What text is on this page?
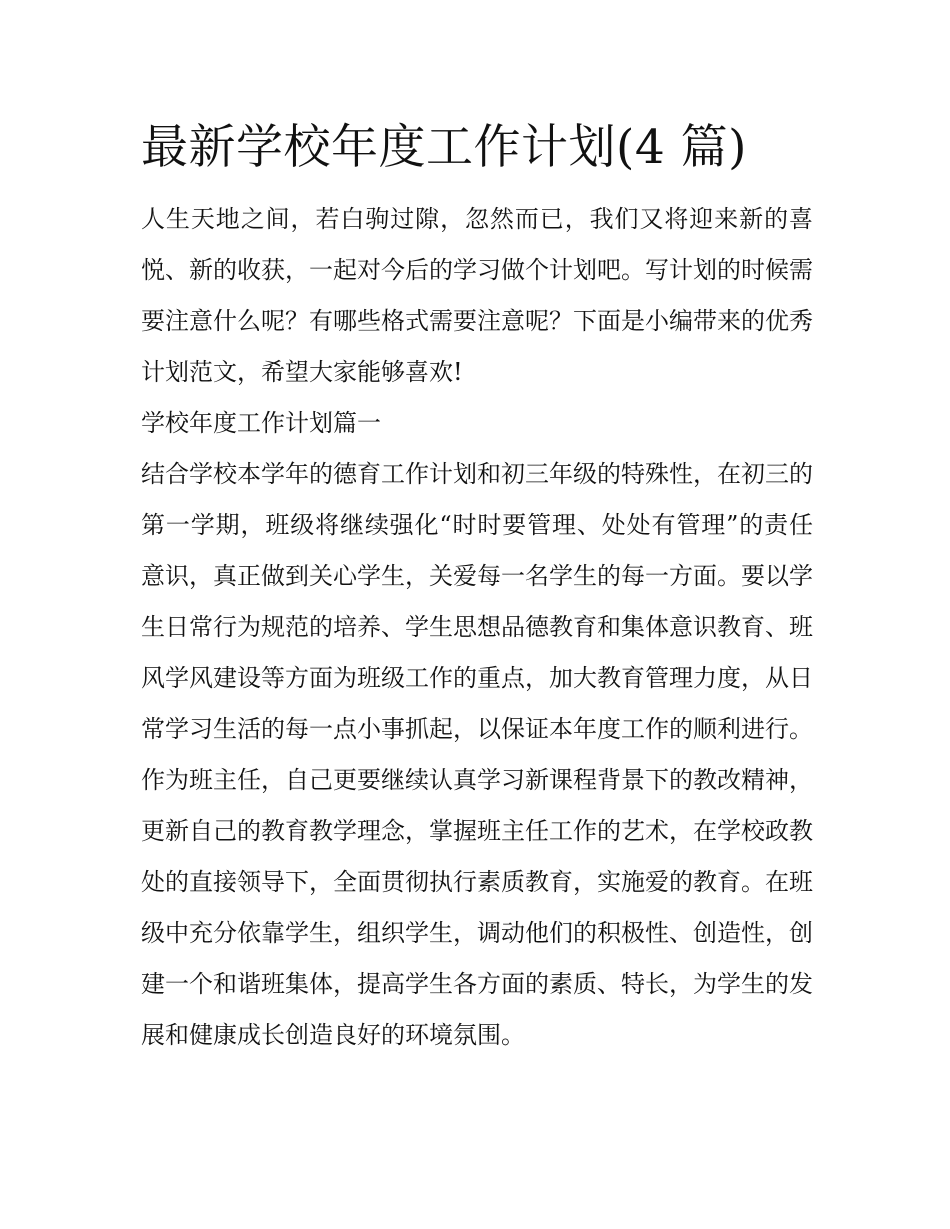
最新学校年度工作计划(4 篇)

人生天地之间，若白驹过隙，忽然而已，我们又将迎来新的喜悦、新的收获，一起对今后的学习做个计划吧。写计划的时候需要注意什么呢？有哪些格式需要注意呢？下面是小编带来的优秀计划范文，希望大家能够喜欢!

学校年度工作计划篇一

结合学校本学年的德育工作计划和初三年级的特殊性，在初三的第一学期，班级将继续强化“时时要管理、处处有管理”的责任意识，真正做到关心学生，关爱每一名学生的每一方面。要以学生日常行为规范的培养、学生思想品德教育和集体意识教育、班风学风建设等方面为班级工作的重点，加大教育管理力度，从日常学习生活的每一点小事抓起，以保证本年度工作的顺利进行。

作为班主任，自己更要继续认真学习新课程背景下的教改精神，更新自己的教育教学理念，掌握班主任工作的艺术，在学校政教处的直接领导下，全面贯彻执行素质教育，实施爱的教育。在班级中充分依靠学生，组织学生，调动他们的积极性、创造性，创建一个和谐班集体，提高学生各方面的素质、特长，为学生的发展和健康成长创造良好的环境氛围。
